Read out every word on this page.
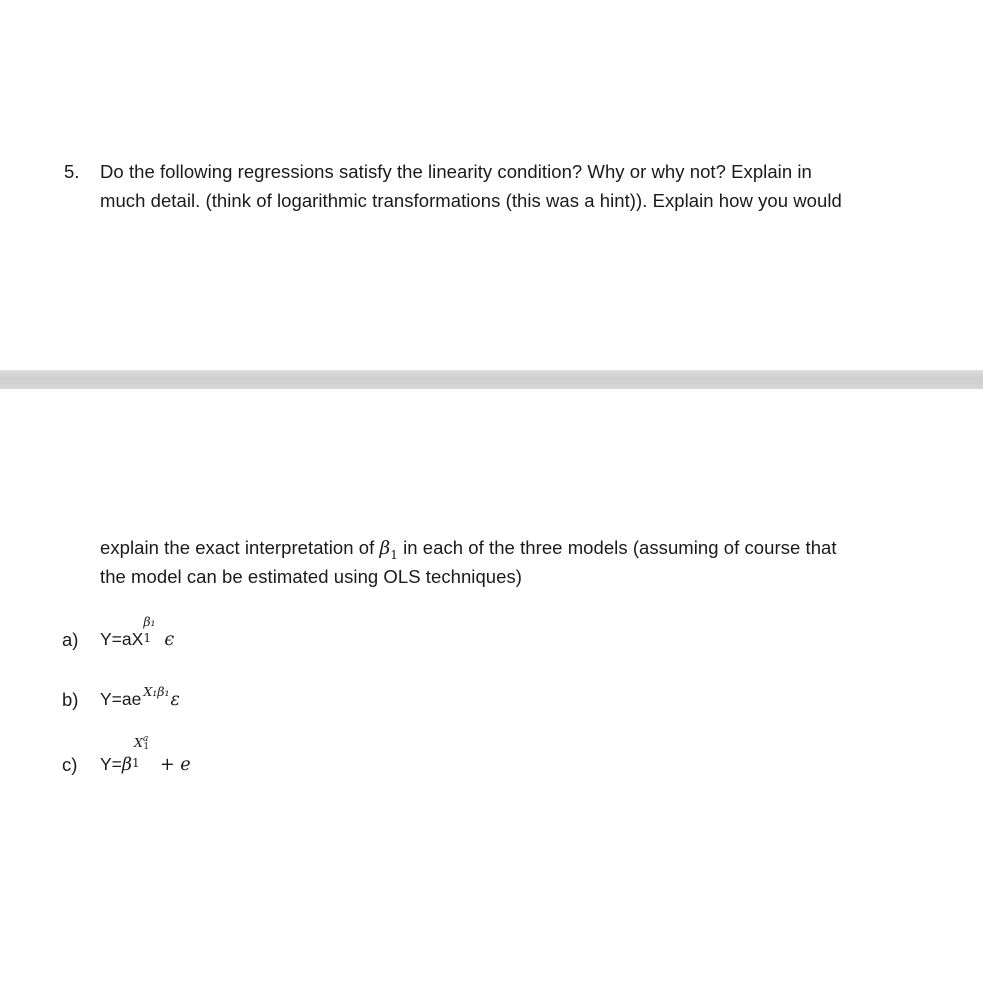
5. Do the following regressions satisfy the linearity condition? Why or why not? Explain in
much detail. (think of logarithmic transformations (this was a hint)). Explain how you would
explain the exact interpretation of $\beta_1$ in each of the three models (assuming of course that
the model can be estimated using OLS techniques)
a) Y=aX
β₁
1 ϵ
b) Y=ae $^{X_1\beta_1}$ε
c) Y=β
$X^a1$
1 + e
